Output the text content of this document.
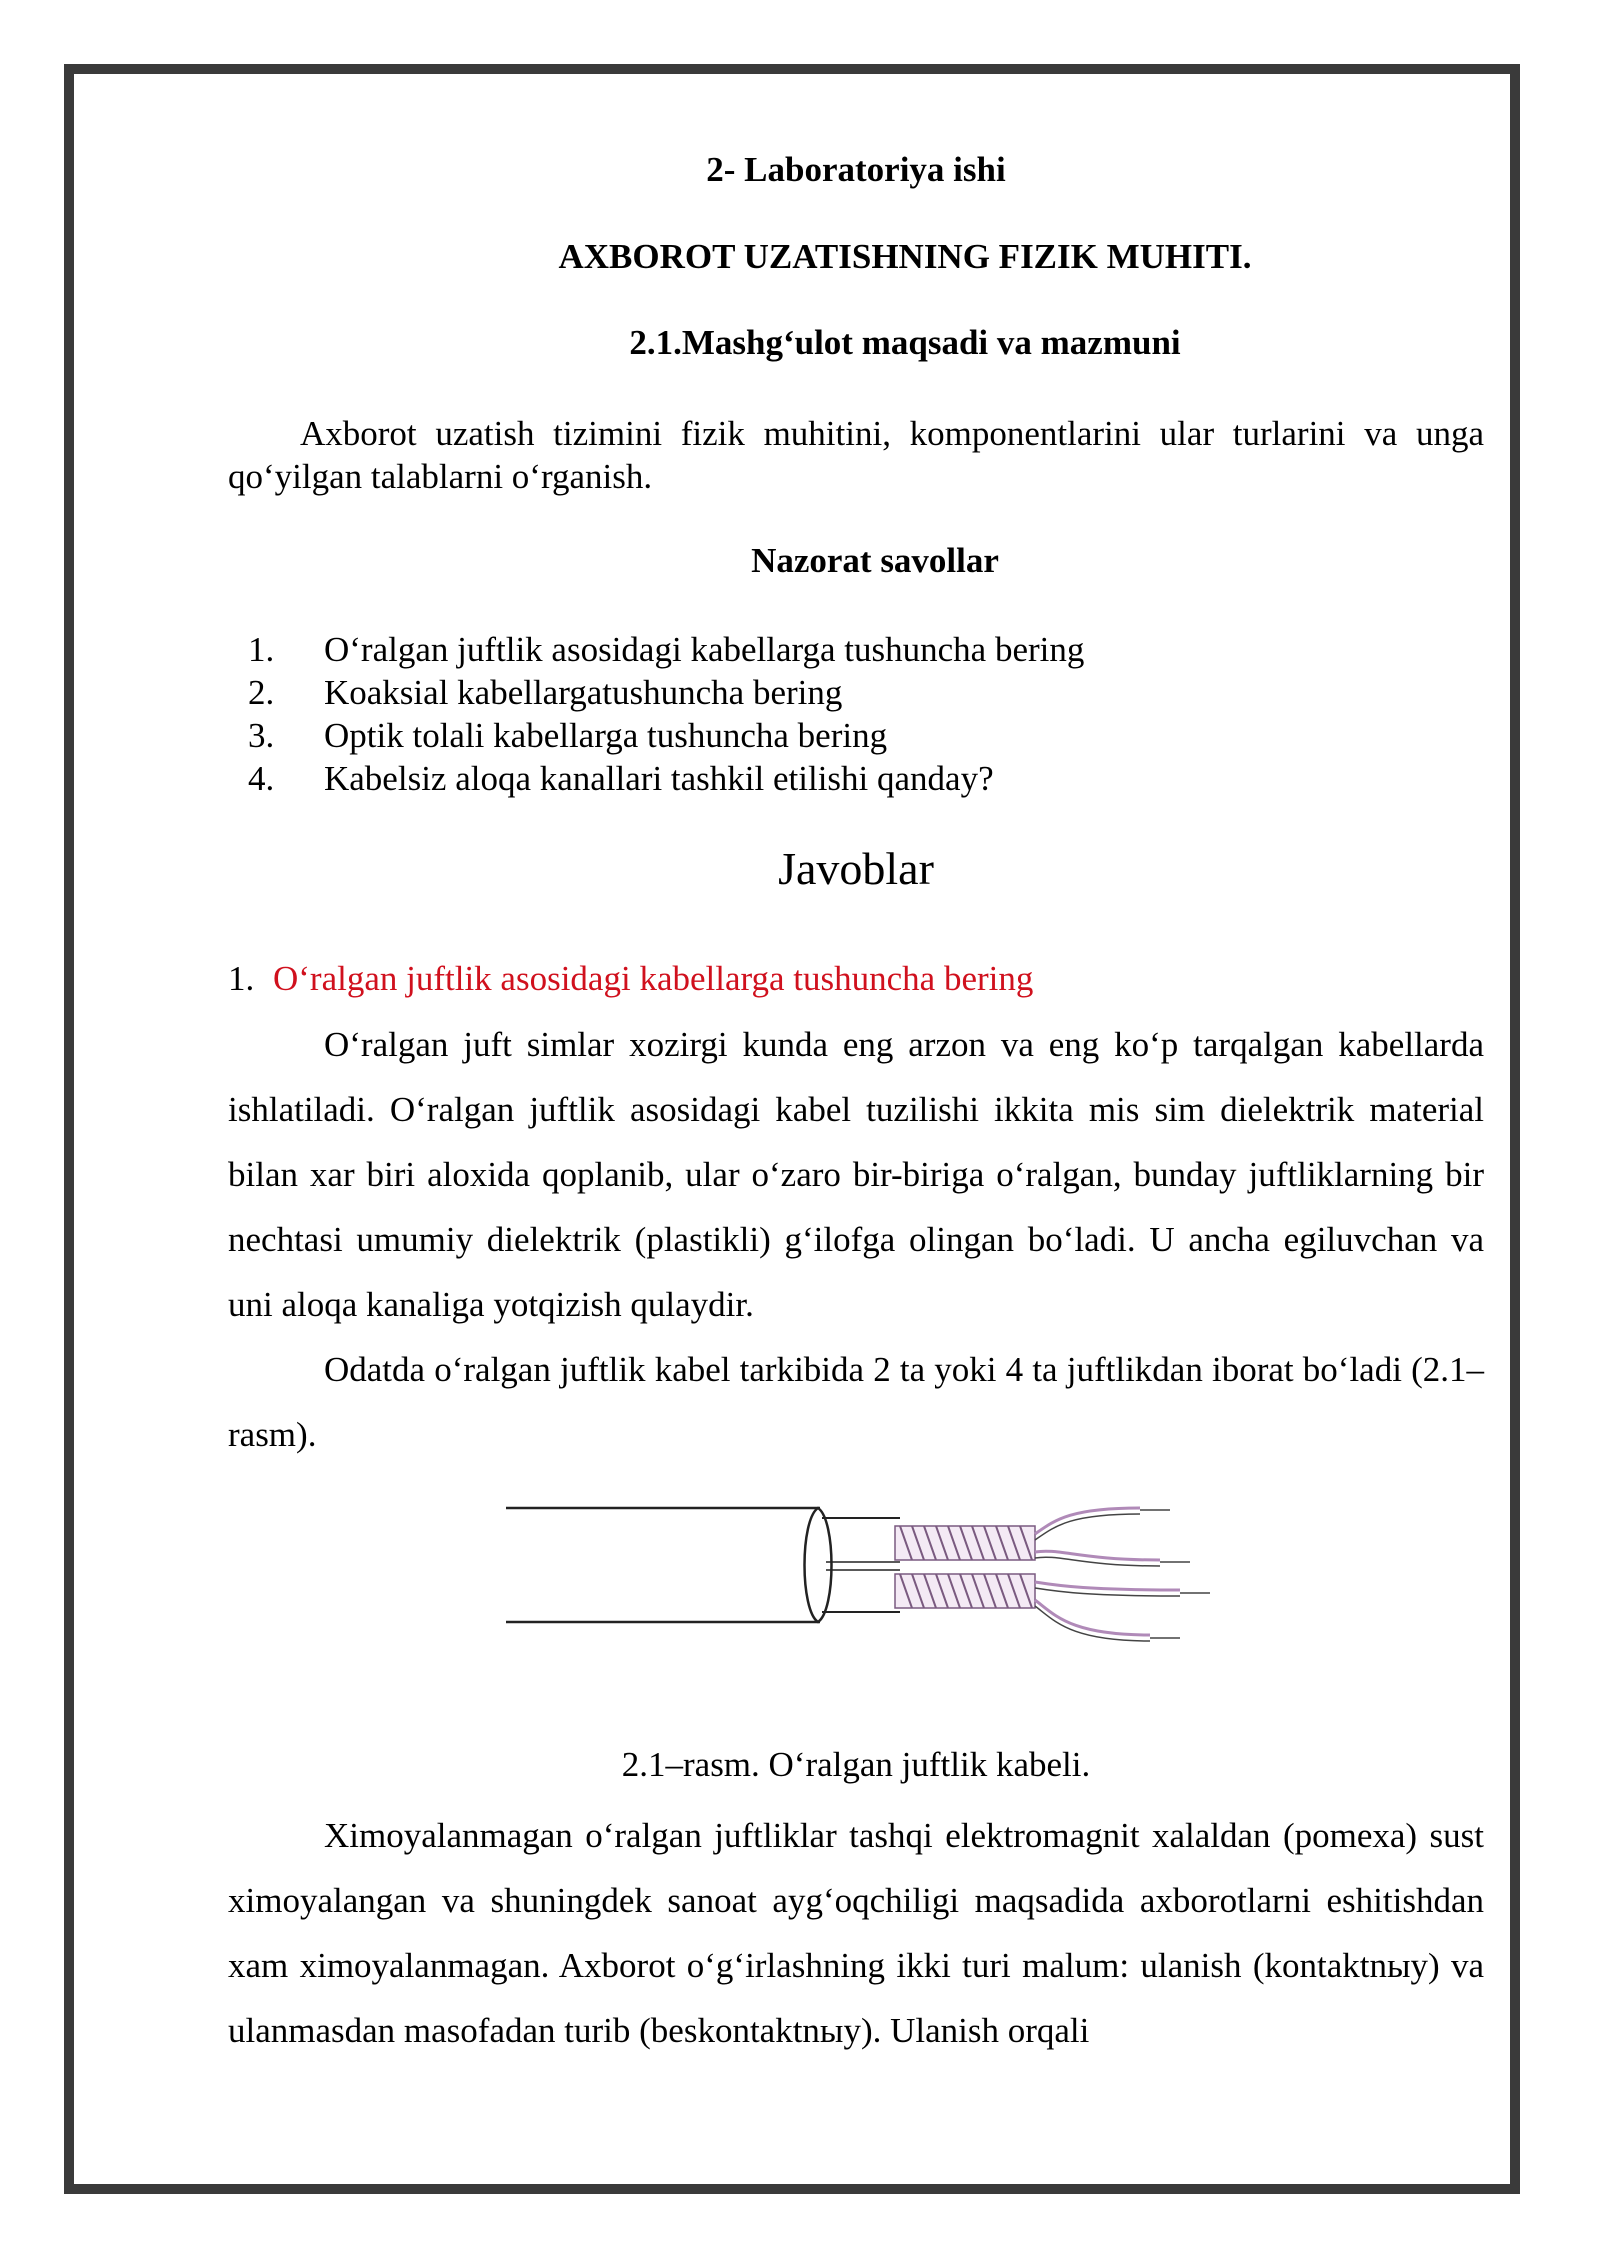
2- Laboratoriya ishi
AXBOROT UZATISHNING FIZIK MUHITI.
2.1.Mashg‘ulot maqsadi va mazmuni
Axborot uzatish tizimini fizik muhitini, komponentlarini ular turlarini va unga
qo‘yilgan talablarni o‘rganish.
Nazorat savollar
1. O‘ralgan juftlik asosidagi kabellarga tushuncha bering
2. Koaksial kabellargatushuncha bering
3. Optik tolali kabellarga tushuncha bering
4. Kabelsiz aloqa kanallari tashkil etilishi qanday?
Javoblar
1. O‘ralgan juftlik asosidagi kabellarga tushuncha bering
O‘ralgan juft simlar xozirgi kunda eng arzon va eng ko‘p tarqalgan kabellarda ishlatiladi. O‘ralgan juftlik asosidagi kabel tuzilishi ikkita mis sim dielektrik material bilan xar biri aloxida qoplanib, ular o‘zaro bir-biriga o‘ralgan, bunday juftliklarning bir nechtasi umumiy dielektrik (plastikli) g‘ilofga olingan bo‘ladi. U ancha egiluvchan va uni aloqa kanaliga yotqizish qulaydir.
Odatda o‘ralgan juftlik kabel tarkibida 2 ta yoki 4 ta juftlikdan iborat bo‘ladi (2.1–rasm).
2.1–rasm. O‘ralgan juftlik kabeli.
Ximoyalanmagan o‘ralgan juftliklar tashqi elektromagnit xalaldan (pomexa) sust ximoyalangan va shuningdek sanoat ayg‘oqchiligi maqsadida axborotlarni eshitishdan xam ximoyalanmagan. Axborot o‘g‘irlashning ikki turi malum: ulanish (kontaktnыy) va ulanmasdan masofadan turib (beskontaktnыy). Ulanish orqali
